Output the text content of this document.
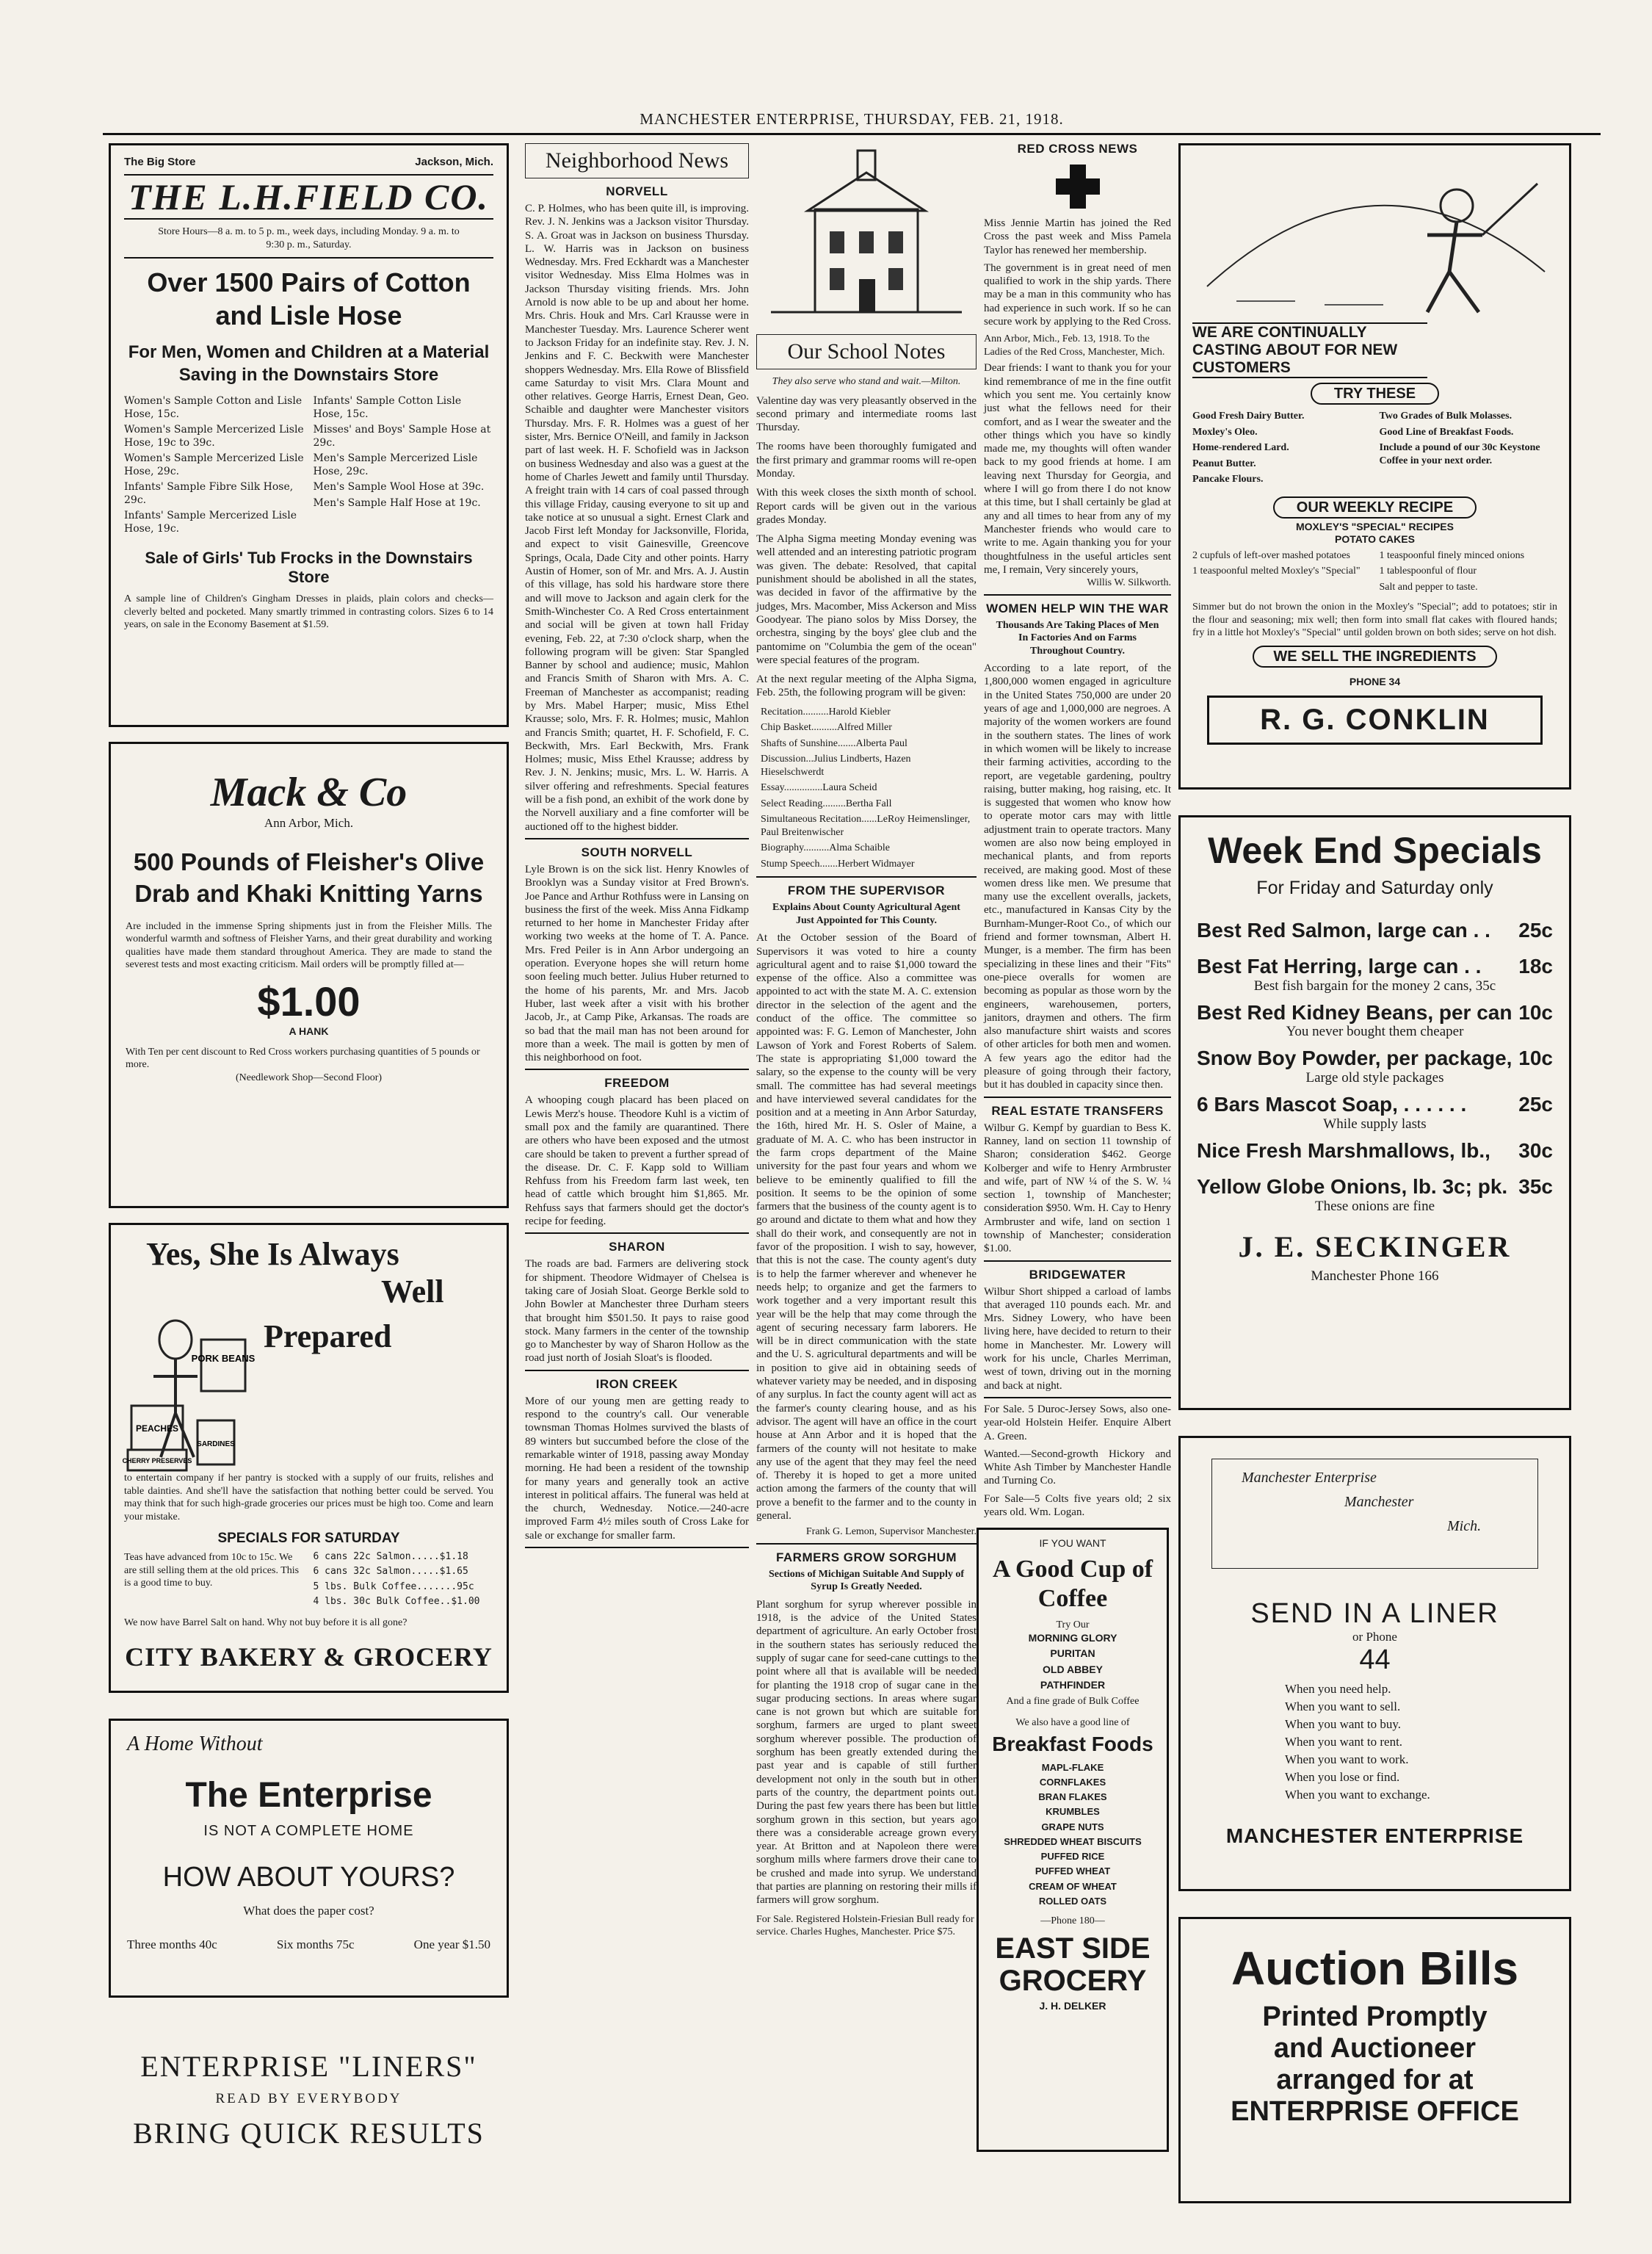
MANCHESTER ENTERPRISE, THURSDAY, FEB. 21, 1918.
The Big Store	Jackson, Mich.
THE L.H.FIELD CO.
Store Hours—8 a. m. to 5 p. m., week days, including Monday. 9 a. m. to 9:30 p. m., Saturday.
Over 1500 Pairs of Cotton and Lisle Hose
For Men, Women and Children at a Material Saving in the Downstairs Store
Women's Sample Cotton and Lisle Hose, 15c.
Women's Sample Mercerized Lisle Hose, 19c to 39c.
Women's Sample Mercerized Lisle Hose, 29c.
Infants' Sample Fibre Silk Hose, 29c.
Infants' Sample Mercerized Lisle Hose, 19c.
Infants' Sample Cotton Lisle Hose, 15c.
Misses' and Boys' Sample Hose at 29c.
Men's Sample Mercerized Lisle Hose, 29c.
Men's Sample Wool Hose at 39c.
Men's Sample Half Hose at 19c.
Sale of Girls' Tub Frocks in the Downstairs Store
A sample line of Children's Gingham Dresses in plaids, plain colors and checks—cleverly belted and pocketed. Many smartly trimmed in contrasting colors. Sizes 6 to 14 years, on sale in the Economy Basement at $1.59.
Mack & Co
Ann Arbor, Mich.
500 Pounds of Fleisher's Olive Drab and Khaki Knitting Yarns
Are included in the immense Spring shipments just in from the Fleisher Mills. The wonderful warmth and softness of Fleisher Yarns, and their great durability and working qualities have made them standard throughout America. They are made to stand the severest tests and most exacting criticism. Mail orders will be promptly filled at—
$1.00
A HANK
With Ten per cent discount to Red Cross workers purchasing quantities of 5 pounds or more.
(Needlework Shop—Second Floor)
Yes, She Is Always
Well
PORK BEANS
PEACHES
CHERRY PRESERVES
SARDINES
Prepared
to entertain company if her pantry is stocked with a supply of our fruits, relishes and table dainties. And she'll have the satisfaction that nothing better could be served. You may think that for such high-grade groceries our prices must be high too. Come and learn your mistake.
SPECIALS FOR SATURDAY
Teas have advanced from 10c to 15c. We are still selling them at the old prices. This is a good time to buy.
6 cans 22c Salmon.....$1.18
6 cans 32c Salmon.....$1.65
5 lbs. Bulk Coffee.......95c
4 lbs. 30c Bulk Coffee..$1.00
We now have Barrel Salt on hand. Why not buy before it is all gone?
CITY BAKERY & GROCERY
A Home Without
The Enterprise
IS NOT A COMPLETE HOME
HOW ABOUT YOURS?
What does the paper cost?
Three months 40c	Six months 75c	One year $1.50
ENTERPRISE "LINERS"
READ BY EVERYBODY
BRING QUICK RESULTS
Neighborhood News
NORVELL
C. P. Holmes, who has been quite ill, is improving. Rev. J. N. Jenkins was a Jackson visitor Thursday. S. A. Groat was in Jackson on business Thursday. L. W. Harris was in Jackson on business Wednesday. Mrs. Fred Eckhardt was a Manchester visitor Wednesday. Miss Elma Holmes was in Jackson Thursday visiting friends. Mrs. John Arnold is now able to be up and about her home. Mrs. Chris. Houk and Mrs. Carl Krausse were in Manchester Tuesday. Mrs. Laurence Scherer went to Jackson Friday for an indefinite stay. Rev. J. N. Jenkins and F. C. Beckwith were Manchester shoppers Wednesday. Mrs. Ella Rowe of Blissfield came Saturday to visit Mrs. Clara Mount and other relatives. George Harris, Ernest Dean, Geo. Schaible and daughter were Manchester visitors Thursday. Mrs. F. R. Holmes was a guest of her sister, Mrs. Bernice O'Neill, and family in Jackson part of last week. H. F. Schofield was in Jackson on business Wednesday and also was a guest at the home of Charles Jewett and family until Thursday. A freight train with 14 cars of coal passed through this village Friday, causing everyone to sit up and take notice at so unusual a sight. Ernest Clark and Jacob First left Monday for Jacksonville, Florida, and expect to visit Gainesville, Greencove Springs, Ocala, Dade City and other points. Harry Austin of Homer, son of Mr. and Mrs. A. J. Austin of this village, has sold his hardware store there and will move to Jackson and again clerk for the Smith-Winchester Co. A Red Cross entertainment and social will be given at town hall Friday evening, Feb. 22, at 7:30 o'clock sharp, when the following program will be given: Star Spangled Banner by school and audience; music, Mahlon and Francis Smith of Sharon with Mrs. A. C. Freeman of Manchester as accompanist; reading by Mrs. Mabel Harper; music, Miss Ethel Krausse; solo, Mrs. F. R. Holmes; music, Mahlon and Francis Smith; quartet, H. F. Schofield, F. C. Beckwith, Mrs. Earl Beckwith, Mrs. Frank Holmes; music, Miss Ethel Krausse; address by Rev. J. N. Jenkins; music, Mrs. L. W. Harris. A silver offering and refreshments. Special features will be a fish pond, an exhibit of the work done by the Norvell auxiliary and a fine comforter will be auctioned off to the highest bidder.
SOUTH NORVELL
Lyle Brown is on the sick list. Henry Knowles of Brooklyn was a Sunday visitor at Fred Brown's. Joe Pance and Arthur Rothfuss were in Lansing on business the first of the week. Miss Anna Fidkamp returned to her home in Manchester Friday after working two weeks at the home of T. A. Pance. Mrs. Fred Peiler is in Ann Arbor undergoing an operation. Everyone hopes she will return home soon feeling much better. Julius Huber returned to the home of his parents, Mr. and Mrs. Jacob Huber, last week after a visit with his brother Jacob, Jr., at Camp Pike, Arkansas. The roads are so bad that the mail man has not been around for more than a week. The mail is gotten by men of this neighborhood on foot.
FREEDOM
A whooping cough placard has been placed on Lewis Merz's house. Theodore Kuhl is a victim of small pox and the family are quarantined. There are others who have been exposed and the utmost care should be taken to prevent a further spread of the disease. Dr. C. F. Kapp sold to William Rehfuss from his Freedom farm last week, ten head of cattle which brought him $1,865. Mr. Rehfuss says that farmers should get the doctor's recipe for feeding.
SHARON
The roads are bad. Farmers are delivering stock for shipment. Theodore Widmayer of Chelsea is taking care of Josiah Sloat. George Berkle sold to John Bowler at Manchester three Durham steers that brought him $501.50. It pays to raise good stock. Many farmers in the center of the township go to Manchester by way of Sharon Hollow as the road just north of Josiah Sloat's is flooded.
IRON CREEK
More of our young men are getting ready to respond to the country's call. Our venerable townsman Thomas Holmes survived the blasts of 89 winters but succumbed before the close of the remarkable winter of 1918, passing away Monday morning. He had been a resident of the township for many years and generally took an active interest in political affairs. The funeral was held at the church, Wednesday. Notice.—240-acre improved Farm 4½ miles south of Cross Lake for sale or exchange for smaller farm.
Our School Notes
They also serve who stand and wait.—Milton.

Valentine day was very pleasantly observed in the second primary and intermediate rooms last Thursday.

The rooms have been thoroughly fumigated and the first primary and grammar rooms will re-open Monday.

With this week closes the sixth month of school. Report cards will be given out in the various grades Monday.

The Alpha Sigma meeting Monday evening was well attended and an interesting patriotic program was given. The debate: Resolved, that capital punishment should be abolished in all the states, was decided in favor of the affirmative by the judges, Mrs. Macomber, Miss Ackerson and Miss Goodyear. The piano solos by Miss Dorsey, the orchestra, singing by the boys' glee club and the pantomime on "Columbia the gem of the ocean" were special features of the program.

At the next regular meeting of the Alpha Sigma, Feb. 25th, the following program will be given:

Recitation..........Harold Kiebler
Chip Basket..........Alfred Miller
Shafts of Sunshine.......Alberta Paul
Discussion...Julius Lindberts, Hazen Hieselschwerdt
Essay...............Laura Scheid
Select Reading.........Bertha Fall
Simultaneous Recitation......LeRoy Heimenslinger, Paul Breitenwischer
Biography..........Alma Schaible
Stump Speech.......Herbert Widmayer
FROM THE SUPERVISOR
Explains About County Agricultural Agent Just Appointed for This County.
At the October session of the Board of Supervisors it was voted to hire a county agricultural agent and to raise $1,000 toward the expense of the office. Also a committee was appointed to act with the state M. A. C. extension director in the selection of the agent and the conduct of the office. The committee so appointed was: F. G. Lemon of Manchester, John Lawson of York and Forest Roberts of Salem. The state is appropriating $1,000 toward the salary, so the expense to the county will be very small. The committee has had several meetings and have interviewed several candidates for the position and at a meeting in Ann Arbor Saturday, the 16th, hired Mr. H. S. Osler of Maine, a graduate of M. A. C. who has been instructor in the farm crops department of the Maine university for the past four years and whom we believe to be eminently qualified to fill the position. It seems to be the opinion of some farmers that the business of the county agent is to go around and dictate to them what and how they shall do their work, and consequently are not in favor of the proposition. I wish to say, however, that this is not the case. The county agent's duty is to help the farmer wherever and whenever he needs help; to organize and get the farmers to work together and a very important result this year will be the help that may come through the agent of securing necessary farm laborers. He will be in direct communication with the state and the U. S. agricultural departments and will be in position to give aid in obtaining seeds of whatever variety may be needed, and in disposing of any surplus. In fact the county agent will act as the farmer's county clearing house, and as his advisor. The agent will have an office in the court house at Ann Arbor and it is hoped that the farmers of the county will not hesitate to make any use of the agent that they may feel the need of. Thereby it is hoped to get a more united action among the farmers of the county that will prove a benefit to the farmer and to the county in general.
Frank G. Lemon, Supervisor Manchester.
FARMERS GROW SORGHUM
Sections of Michigan Suitable And Supply of Syrup Is Greatly Needed.
Plant sorghum for syrup wherever possible in 1918, is the advice of the United States department of agriculture. An early October frost in the southern states has seriously reduced the supply of sugar cane for seed-cane cuttings to the point where all that is available will be needed for planting the 1918 crop of sugar cane in the sugar producing sections. In areas where sugar cane is not grown but which are suitable for sorghum, farmers are urged to plant sweet sorghum wherever possible. The production of sorghum has been greatly extended during the past year and is capable of still further development not only in the south but in other parts of the country, the department points out. During the past few years there has been but little sorghum grown in this section, but years ago there was a considerable acreage grown every year. At Britton and at Napoleon there were sorghum mills where farmers drove their cane to be crushed and made into syrup. We understand that parties are planning on restoring their mills if farmers will grow sorghum.
For Sale. Registered Holstein-Friesian Bull ready for service. Charles Hughes, Manchester. Price $75.
RED CROSS NEWS
Miss Jennie Martin has joined the Red Cross the past week and Miss Pamela Taylor has renewed her membership.
The government is in great need of men qualified to work in the ship yards. There may be a man in this community who has had experience in such work. If so he can secure work by applying to the Red Cross.
Ann Arbor, Mich., Feb. 13, 1918. To the Ladies of the Red Cross, Manchester, Mich.
Dear friends: I want to thank you for your kind remembrance of me in the fine outfit which you sent me. You certainly know just what the fellows need for their comfort, and as I wear the sweater and the other things which you have so kindly made me, my thoughts will often wander back to my good friends at home. I am leaving next Thursday for Georgia, and where I will go from there I do not know at this time, but I shall certainly be glad at any and all times to hear from any of my Manchester friends who would care to write to me. Again thanking you for your thoughtfulness in the useful articles sent me, I remain, Very sincerely yours,
Willis W. Silkworth.
WOMEN HELP WIN THE WAR
Thousands Are Taking Places of Men In Factories And on Farms Throughout Country.
According to a late report, of the 1,800,000 women engaged in agriculture in the United States 750,000 are under 20 years of age and 1,000,000 are negroes. A majority of the women workers are found in the southern states. The lines of work in which women will be likely to increase their farming activities, according to the report, are vegetable gardening, poultry raising, butter making, hog raising, etc. It is suggested that women who know how to operate motor cars may with little adjustment train to operate tractors. Many women are also now being employed in mechanical plants, and from reports received, are making good. Most of these women dress like men. We presume that many use the excellent overalls, jackets, etc., manufactured in Kansas City by the Burnham-Munger-Root Co., of which our friend and former townsman, Albert H. Munger, is a member. The firm has been specializing in these lines and their "Fits" one-piece overalls for women are becoming as popular as those worn by the engineers, warehousemen, porters, janitors, draymen and others. The firm also manufacture shirt waists and scores of other articles for both men and women. A few years ago the editor had the pleasure of going through their factory, but it has doubled in capacity since then.
REAL ESTATE TRANSFERS
Wilbur G. Kempf by guardian to Bess K. Ranney, land on section 11 township of Sharon; consideration $462. George Kolberger and wife to Henry Armbruster and wife, part of NW ¼ of the S. W. ¼ section 1, township of Manchester; consideration $950. Wm. H. Cay to Henry Armbruster and wife, land on section 1 township of Manchester; consideration $1.00.
BRIDGEWATER
Wilbur Short shipped a carload of lambs that averaged 110 pounds each. Mr. and Mrs. Sidney Lowery, who have been living here, have decided to return to their home in Manchester. Mr. Lowery will work for his uncle, Charles Merriman, west of town, driving out in the morning and back at night.
For Sale. 5 Duroc-Jersey Sows, also one-year-old Holstein Heifer. Enquire Albert A. Green.
Wanted.—Second-growth Hickory and White Ash Timber by Manchester Handle and Turning Co.
For Sale—5 Colts five years old; 2 six years old. Wm. Logan.
IF YOU WANT
A Good Cup of Coffee
Try Our
MORNING GLORY
PURITAN
OLD ABBEY
PATHFINDER
And a fine grade of Bulk Coffee
We also have a good line of
Breakfast Foods
MAPL-FLAKE
CORNFLAKES
BRAN FLAKES
KRUMBLES
GRAPE NUTS
SHREDDED WHEAT BISCUITS
PUFFED RICE
PUFFED WHEAT
CREAM OF WHEAT
ROLLED OATS
—Phone 180—
EAST SIDE GROCERY
J. H. DELKER
WE ARE CONTINUALLY CASTING ABOUT FOR NEW CUSTOMERS
TRY THESE
Good Fresh Dairy Butter.
Moxley's Oleo.
Home-rendered Lard.
Peanut Butter.
Pancake Flours.
Two Grades of Bulk Molasses.
Good Line of Breakfast Foods.
Include a pound of our 30c Keystone Coffee in your next order.
OUR WEEKLY RECIPE
MOXLEY'S "SPECIAL" RECIPES
POTATO CAKES
2 cupfuls of left-over mashed potatoes
1 teaspoonful melted Moxley's "Special"
1 teaspoonful finely minced onions
1 tablespoonful of flour
Salt and pepper to taste.
Simmer but do not brown the onion in the Moxley's "Special"; add to potatoes; stir in the flour and seasoning; mix well; then form into small flat cakes with floured hands; fry in a little hot Moxley's "Special" until golden brown on both sides; serve on hot dish.
WE SELL THE INGREDIENTS
PHONE 34
R. G. CONKLIN
Week End Specials
For Friday and Saturday only
Best Red Salmon, large can . . 25c
Best Fat Herring, large can . . 18c
Best fish bargain for the money 2 cans, 35c
Best Red Kidney Beans, per can 10c
You never bought them cheaper
Snow Boy Powder, per package, 10c
Large old style packages
6 Bars Mascot Soap, . . . . . .	25c
While supply lasts
Nice Fresh Marshmallows, lb., 30c
Yellow Globe Onions, lb. 3c; pk. 35c
These onions are fine
J. E. SECKINGER
Manchester Phone 166
Manchester Enterprise
Manchester
Mich.
SEND IN A LINER
or Phone
44
When you need help.
When you want to sell.
When you want to buy.
When you want to rent.
When you want to work.
When you lose or find.
When you want to exchange.
MANCHESTER ENTERPRISE
Auction Bills
Printed Promptly
and Auctioneer
arranged for at
ENTERPRISE OFFICE
